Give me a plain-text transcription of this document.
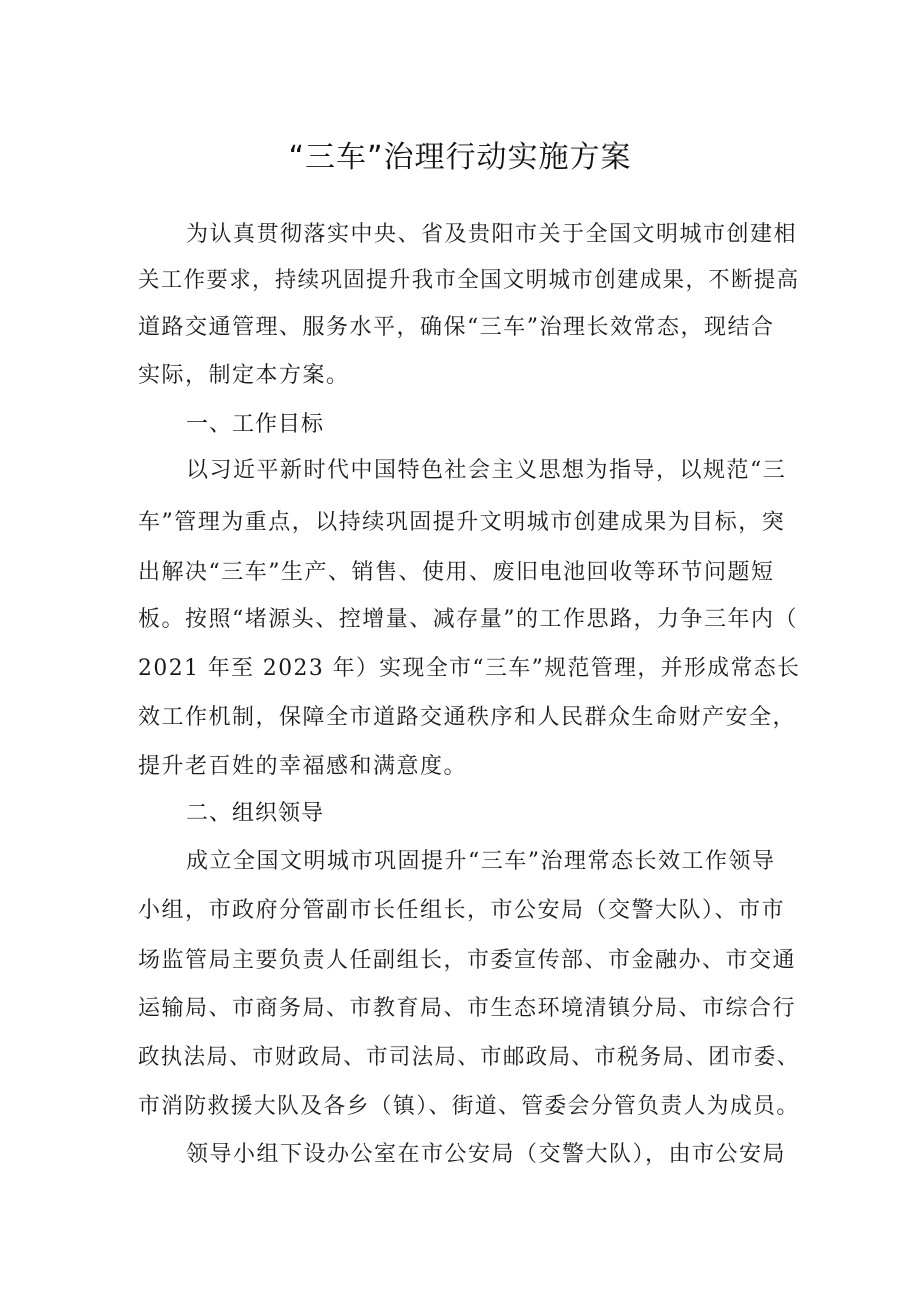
“三车”治理行动实施方案
为认真贯彻落实中央、省及贵阳市关于全国文明城市创建相
关工作要求，持续巩固提升我市全国文明城市创建成果，不断提高
道路交通管理、服务水平，确保“三车”治理长效常态，现结合
实际，制定本方案。
一、工作目标
以习近平新时代中国特色社会主义思想为指导，以规范“三
车”管理为重点，以持续巩固提升文明城市创建成果为目标，突
出解决“三车”生产、销售、使用、废旧电池回收等环节问题短
板。按照“堵源头、控增量、减存量”的工作思路，力争三年内（
2021 年至 2023 年）实现全市“三车”规范管理，并形成常态长
效工作机制，保障全市道路交通秩序和人民群众生命财产安全，
提升老百姓的幸福感和满意度。
二、组织领导
成立全国文明城市巩固提升“三车”治理常态长效工作领导
小组，市政府分管副市长任组长，市公安局（交警大队）、市市
场监管局主要负责人任副组长，市委宣传部、市金融办、市交通
运输局、市商务局、市教育局、市生态环境清镇分局、市综合行
政执法局、市财政局、市司法局、市邮政局、市税务局、团市委、
市消防救援大队及各乡（镇）、街道、管委会分管负责人为成员。
领导小组下设办公室在市公安局（交警大队），由市公安局
